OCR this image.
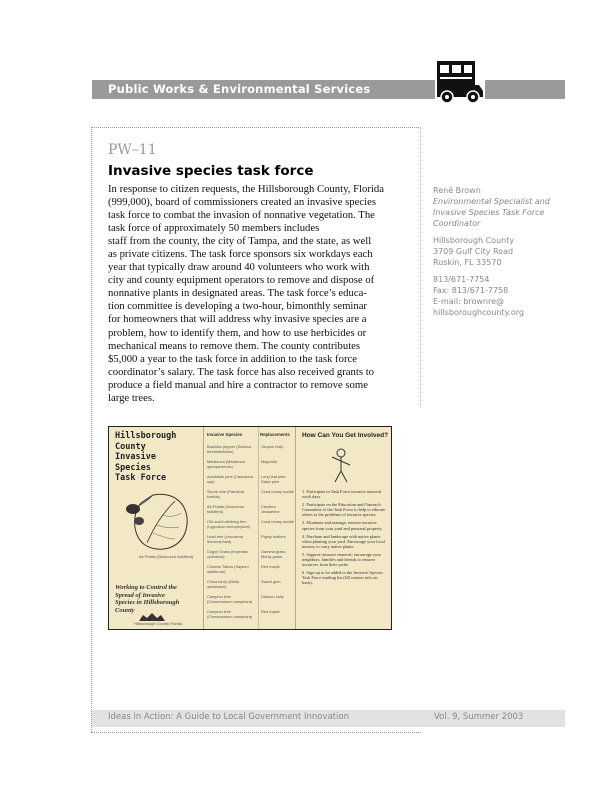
Public Works & Environmental Services
PW–11
Invasive species task force
In response to citizen requests, the Hillsborough County, Florida
(999,000), board of commissioners created an invasive species
task force to combat the invasion of nonnative vegetation. The
task force of approximately 50 members includes
staff from the county, the city of Tampa, and the state, as well
as private citizens. The task force sponsors six workdays each
year that typically draw around 40 volunteers who work with
city and county equipment operators to remove and dispose of
nonnative plants in designated areas. The task force’s educa-
tion committee is developing a two-hour, bimonthly seminar
for homeowners that will address why invasive species are a
problem, how to identify them, and how to use herbicides or
mechanical means to remove them. The county contributes
$5,000 a year to the task force in addition to the task force
coordinator’s salary. The task force has also received grants to
produce a field manual and hire a contractor to remove some
large trees.
René Brown
Environmental Specialist and
Invasive Species Task Force
Coordinator
Hillsborough County
3709 Gulf City Road
Ruskin, FL 33570
813/671-7754
Fax: 813/671-7758
E-mail: brownre@
hillsboroughcounty.org
Hillsborough
County
Invasive
Species
Task Force
Air Potato (Dioscorea bulbifera)
Working to Control the
Spread of Invasive
Species in Hillsborough
County
Hillsborough County Florida
Invasive Species	Replacements
Brazilian pepper (Schinus terebinthifolius)
Yaupon holly
Melaleuca (Melaleuca quinquenervia)
Magnolia
Australian pine (Casuarina spp)
Long leaf pine Slash pine
Skunk vine (Paederia foetida)
Coral honey suckle
Air Potato (Dioscorea bulbifera)
Carolina Jessamine
Old world climbing fern (Lygodium microphyllum)
Coral honey suckle
Lead tree (Leucaena leucocephala)
Pigmy bottlers
Cogon Grass (Imperata cylindrica)
Gamma grass Muhly grass
Chinese Tallow (Sapium sebiferum)
Red maple
China berry (Melia azedarach)
Sweet gum
Camphor tree (Cinnamomum camphora)
Dahoon holly
Camphor tree (Cinnamomum camphora)
Red maple
How Can You Get Involved?
1. Participate in Task Force invasive removal work days.
2. Participate on the Education and Outreach Committee of the Task Force to help to educate others to the problems of invasive species.
3. Eliminate and manage, remove invasive species from your yard and personal property.
4. Purchase and landscape with native plants when planting your yard. Encourage your local nursery to carry native plants.
5. Support invasive removal; encourage your neighbors, families and friends to remove invasives from their yards.
6. Sign up to be added to the Invasive Species Task Force mailing list (fill contact info on back).
Ideas in Action: A Guide to Local Government Innovation	Vol. 9, Summer 2003
